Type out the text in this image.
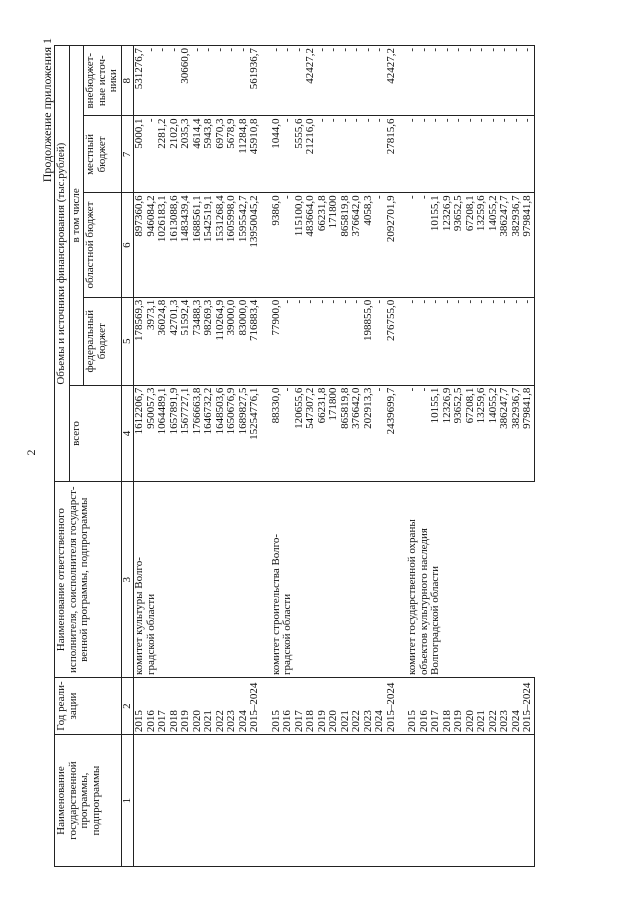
2
Продолжение приложения 1
Наименование государственной программы, подпрограммы	Год реали-зации	Наименование ответственного исполнителя, соисполнителя государст-венной программы, подпрограммы	Объемы и источники финансирования (тыс.рублей)				
			всего	в том числе			
				федеральный бюджет	областной бюджет	местный бюджет	внебюджет-ные источ-ники
1	2	3	4	5	6	7	8
	2015	комитет культуры Волго- градской области	1612206,7	178569,3	897360,6	5000,1	531276,7
	2016		950057,3	3973,1	946084,2	-	-
	2017		1064489,1	36024,8	1026183,1	2281,2	-
	2018		1657891,9	42701,3	1613088,6	2102,0	-
	2019		1567727,1	51592,4	1483439,4	2035,3	30660,0
	2020		1766663,8	73488,3	1688561,1	4614,4	-
	2021		1646732,2	98269,3	1542519,1	5943,8	-
	2022		1648503,6	110264,9	1531268,4	6970,3	-
	2023		1650676,9	39000,0	1605998,0	5678,9	-
	2024		1689827,5	83000,0	1595542,7	11284,8	-
	2015–2024		15254776,1	716883,4	13950045,2	45910,8	561936,7

	2015	комитет строительства Волго- градской области	88330,0	77900,0	9386,0	1044,0	-
	2016		-	-	-	-	-
	2017		120655,6	-	115100,0	5555,6	-
	2018		547307,2	-	483664,0	21216,0	42427,2
	2019		66231,8	-	66231,8	-	-
	2020		171800	-	171800	-	-
	2021		865819,8	-	865819,8	-	-
	2022		376642,0	-	376642,0	-	-
	2023		202913,3	198855,0	4058,3	-	-
	2024		-	-	-	-	-
	2015–2024		2439699,7	276755,0	2092701,9	27815,6	42427,2

	2015	комитет государственной охраны объектов культурного наследия Волгоградской области	-	-	-	-	-
	2016		-	-	-	-	-
	2017		10155,1	-	10155,1	-	-
	2018		12326,9	-	12326,9	-	-
	2019		93652,5	-	93652,5	-	-
	2020		67208,1	-	67208,1	-	-
	2021		13259,6	-	13259,6	-	-
	2022		14055,2	-	14055,2	-	-
	2023		386247,7	-	386247,7	-	-
	2024		382936,7	-	382936,7	-	-
	2015–2024		979841,8	-	979841,8	-	-
